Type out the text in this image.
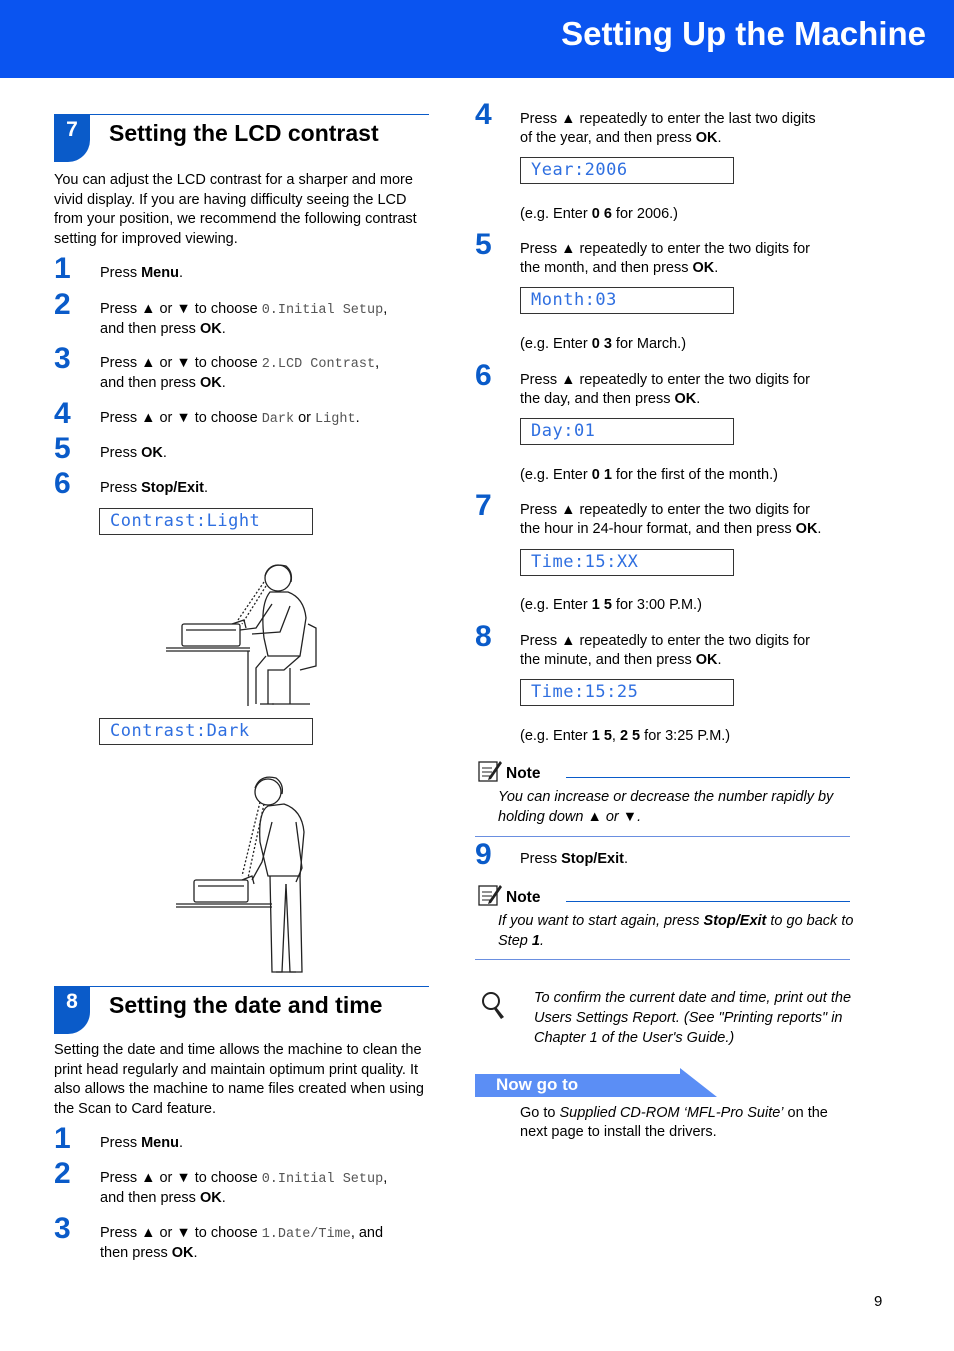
Setting Up the Machine
7	Setting the LCD contrast
You can adjust the LCD contrast for a sharper and more vivid display. If you are having difficulty seeing the LCD from your position, we recommend the following contrast setting for improved viewing.
1 Press Menu.
2 Press ▲ or ▼ to choose 0.Initial Setup,
and then press OK.
3 Press ▲ or ▼ to choose 2.LCD Contrast,
and then press OK.
4 Press ▲ or ▼ to choose Dark or Light.
5 Press OK.
6 Press Stop/Exit.
Contrast:Light
Contrast:Dark
8	Setting the date and time
Setting the date and time allows the machine to clean the print head regularly and maintain optimum print quality. It also allows the machine to name files created when using the Scan to Card feature.
1 Press Menu.
2 Press ▲ or ▼ to choose 0.Initial Setup,
and then press OK.
3 Press ▲ or ▼ to choose 1.Date/Time, and
then press OK.
4 Press ▲ repeatedly to enter the last two digits
of the year, and then press OK.
Year:2006
(e.g. Enter 0 6 for 2006.)
5 Press ▲ repeatedly to enter the two digits for
the month, and then press OK.
Month:03
(e.g. Enter 0 3 for March.)
6 Press ▲ repeatedly to enter the two digits for
the day, and then press OK.
Day:01
(e.g. Enter 0 1 for the first of the month.)
7 Press ▲ repeatedly to enter the two digits for
the hour in 24-hour format, and then press OK.
Time:15:XX
(e.g. Enter 1 5 for 3:00 P.M.)
8 Press ▲ repeatedly to enter the two digits for
the minute, and then press OK.
Time:15:25
(e.g. Enter 1 5, 2 5 for 3:25 P.M.)
Note
You can increase or decrease the number rapidly by holding down ▲ or ▼.
9 Press Stop/Exit.
Note
If you want to start again, press Stop/Exit to go back to Step 1.
To confirm the current date and time, print out the Users Settings Report. (See "Printing reports" in Chapter 1 of the User's Guide.)
Now go to
Go to Supplied CD-ROM ‘MFL-Pro Suite’ on the next page to install the drivers.
9
